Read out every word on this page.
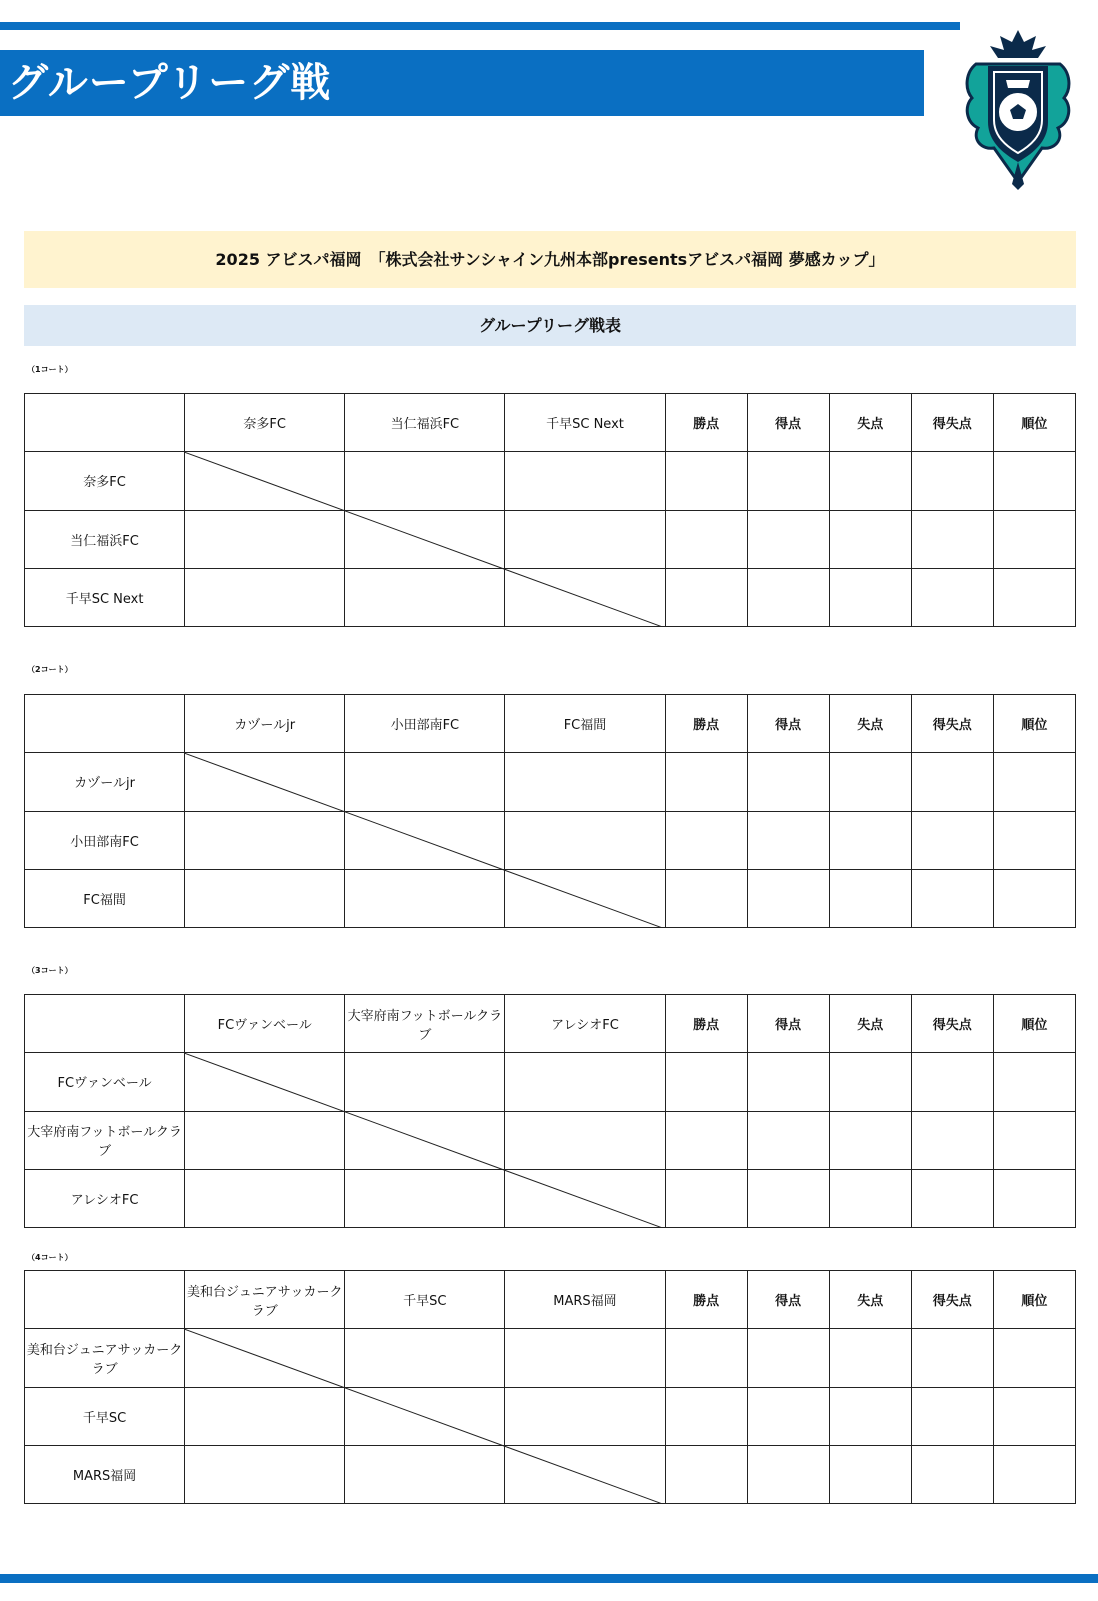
グループリーグ戦
2025 アビスパ福岡　「株式会社サンシャイン九州本部presentsアビスパ福岡 夢感カップ」
グループリーグ戦表
（1コート）
	奈多FC	当仁福浜FC	千早SC Next	勝点	得点	失点	得失点	順位
奈多FC								
当仁福浜FC								
千早SC Next								
（2コート）
	カヅールjr	小田部南FC	FC福間	勝点	得点	失点	得失点	順位
カヅールjr								
小田部南FC								
FC福間								
（3コート）
	FCヴァンベール	大宰府南フットボールクラブ	アレシオFC	勝点	得点	失点	得失点	順位
FCヴァンベール								
大宰府南フットボールクラブ								
アレシオFC								
（4コート）
	美和台ジュニアサッカークラブ	千早SC	MARS福岡	勝点	得点	失点	得失点	順位
美和台ジュニアサッカークラブ								
千早SC								
MARS福岡								
